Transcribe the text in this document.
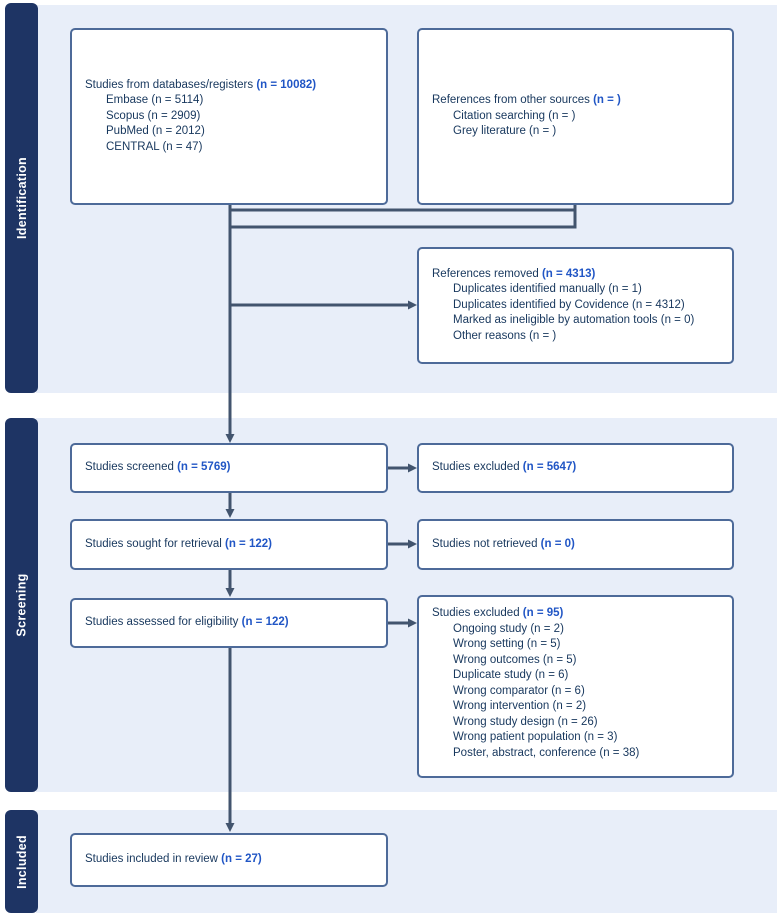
Identification
Screening
Included
Studies from databases/registers (n = 10082)
Embase (n = 5114)
Scopus (n = 2909)
PubMed (n = 2012)
CENTRAL (n = 47)
References from other sources (n = )
Citation searching (n = )
Grey literature (n = )
References removed (n = 4313)
Duplicates identified manually (n = 1)
Duplicates identified by Covidence (n = 4312)
Marked as ineligible by automation tools (n = 0)
Other reasons (n = )
Studies screened (n = 5769)	Studies excluded (n = 5647)
Studies sought for retrieval (n = 122)	Studies not retrieved (n = 0)
Studies assessed for eligibility (n = 122)
Studies excluded (n = 95)
Ongoing study (n = 2)
Wrong setting (n = 5)
Wrong outcomes (n = 5)
Duplicate study (n = 6)
Wrong comparator (n = 6)
Wrong intervention (n = 2)
Wrong study design (n = 26)
Wrong patient population (n = 3)
Poster, abstract, conference (n = 38)
Studies included in review (n = 27)
